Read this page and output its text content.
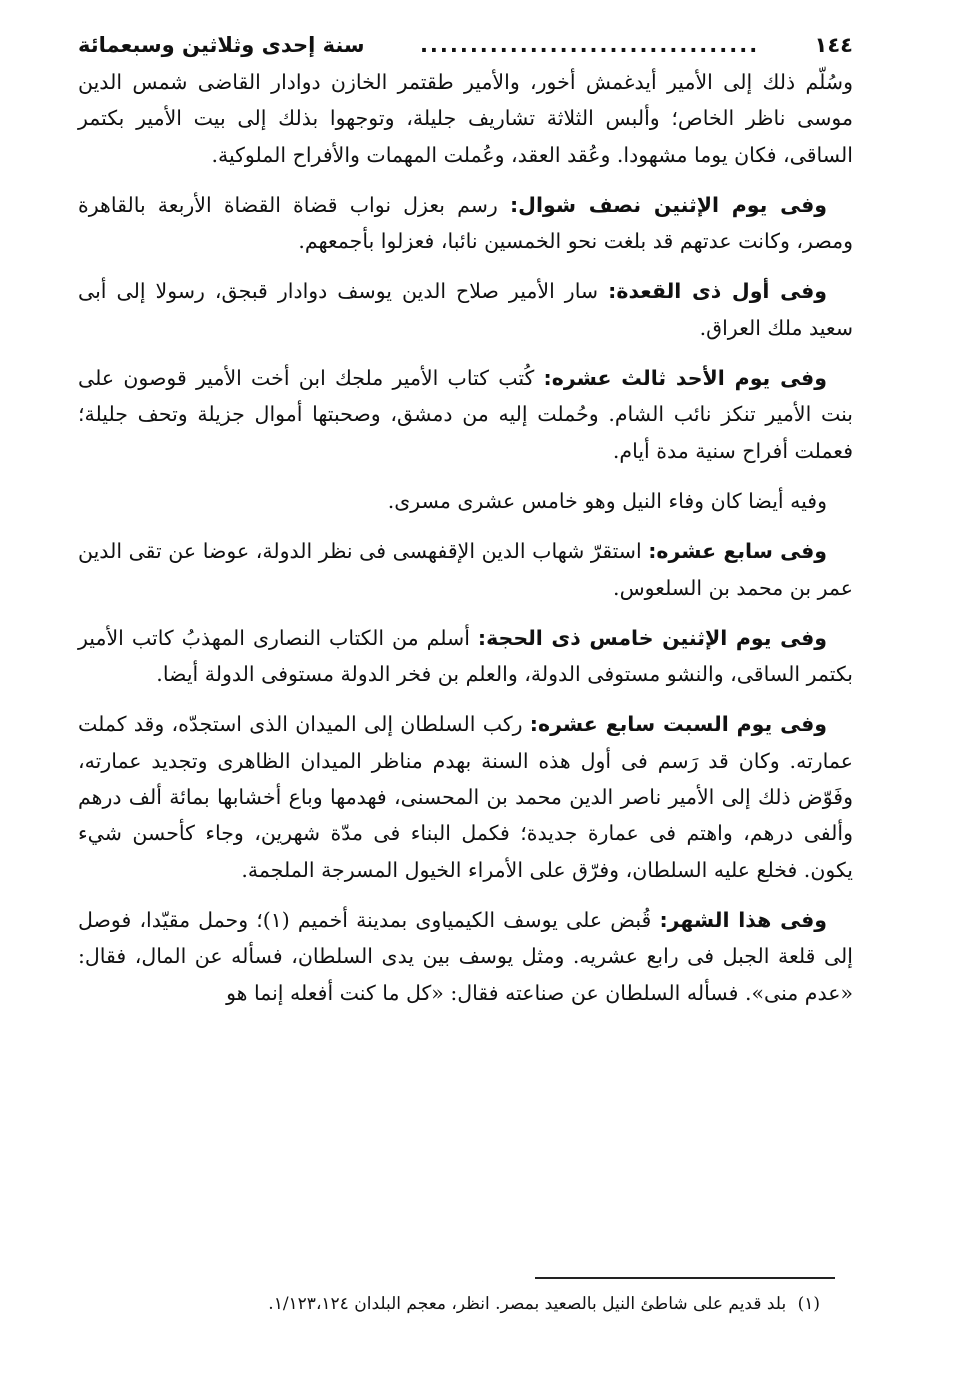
١٤٤
..................................
سنة إحدى وثلاثين وسبعمائة

وسُلّم ذلك إلى الأمير أيدغمش أخور، والأمير طقتمر الخازن دوادار القاضى شمس الدين موسى ناظر الخاص؛ وألبس الثلاثة تشاريف جليلة، وتوجهوا بذلك إلى بيت الأمير بكتمر الساقى، فكان يوما مشهودا. وعُقد العقد، وعُملت المهمات والأفراح الملوكية.

وفى يوم الإثنين نصف شوال: رسم بعزل نواب قضاة القضاة الأربعة بالقاهرة ومصر، وكانت عدتهم قد بلغت نحو الخمسين نائبا، فعزلوا بأجمعهم.

وفى أول ذى القعدة: سار الأمير صلاح الدين يوسف دوادار قبجق، رسولا إلى أبى سعيد ملك العراق.

وفى يوم الأحد ثالث عشره: كُتب كتاب الأمير ملجك ابن أخت الأمير قوصون على بنت الأمير تنكز نائب الشام. وحُملت إليه من دمشق، وصحبتها أموال جزيلة وتحف جليلة؛ فعملت أفراح سنية مدة أيام.

وفيه أيضا كان وفاء النيل وهو خامس عشرى مسرى.

وفى سابع عشره: استقرّ شهاب الدين الإقفهسى فى نظر الدولة، عوضا عن تقى الدين عمر بن محمد بن السلعوس.

وفى يوم الإثنين خامس ذى الحجة: أسلم من الكتاب النصارى المهذبُ كاتب الأمير بكتمر الساقى، والنشو مستوفى الدولة، والعلم بن فخر الدولة مستوفى الدولة أيضا.

وفى يوم السبت سابع عشره: ركب السلطان إلى الميدان الذى استجدّه، وقد كملت عمارته. وكان قد رَسم فى أول هذه السنة بهدم مناظر الميدان الظاهرى وتجديد عمارته، وفَوّض ذلك إلى الأمير ناصر الدين محمد بن المحسنى، فهدمها وباع أخشابها بمائة ألف درهم وألفى درهم، واهتم فى عمارة جديدة؛ فكمل البناء فى مدّة شهرين، وجاء كأحسن شيء يكون. فخلع عليه السلطان، وفرّق على الأمراء الخيول المسرجة الملجمة.

وفى هذا الشهر: قُبض على يوسف الكيمياوى بمدينة أخميم (١)؛ وحمل مقيّدا، فوصل إلى قلعة الجبل فى رابع عشريه. ومثل يوسف بين يدى السلطان، فسأله عن المال، فقال: «عدم منى». فسأله السلطان عن صناعته فقال: «كل ما كنت أفعله إنما هو

(١) بلد قديم على شاطئ النيل بالصعيد بمصر. انظر، معجم البلدان ١/١٢٣،١٢٤.
